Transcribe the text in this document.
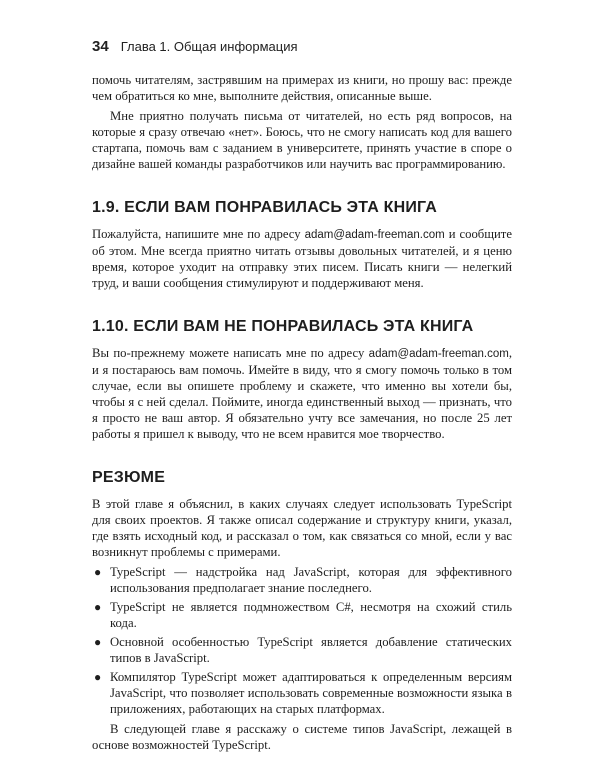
34 Глава 1. Общая информация

помочь читателям, застрявшим на примерах из книги, но прошу вас: прежде чем обратиться ко мне, выполните действия, описанные выше.

Мне приятно получать письма от читателей, но есть ряд вопросов, на которые я сразу отвечаю «нет». Боюсь, что не смогу написать код для вашего стартапа, помочь вам с заданием в университете, принять участие в споре о дизайне вашей команды разработчиков или научить вас программированию.

1.9. ЕСЛИ ВАМ ПОНРАВИЛАСЬ ЭТА КНИГА

Пожалуйста, напишите мне по адресу adam@adam-freeman.com и сообщите об этом. Мне всегда приятно читать отзывы довольных читателей, и я ценю время, которое уходит на отправку этих писем. Писать книги — нелегкий труд, и ваши сообщения стимулируют и поддерживают меня.

1.10. ЕСЛИ ВАМ НЕ ПОНРАВИЛАСЬ ЭТА КНИГА

Вы по-прежнему можете написать мне по адресу adam@adam-freeman.com, и я постараюсь вам помочь. Имейте в виду, что я смогу помочь только в том случае, если вы опишете проблему и скажете, что именно вы хотели бы, чтобы я с ней сделал. Поймите, иногда единственный выход — признать, что я просто не ваш автор. Я обязательно учту все замечания, но после 25 лет работы я пришел к выводу, что не всем нравится мое творчество.

РЕЗЮМЕ

В этой главе я объяснил, в каких случаях следует использовать TypeScript для своих проектов. Я также описал содержание и структуру книги, указал, где взять исходный код, и рассказал о том, как связаться со мной, если у вас возникнут проблемы с примерами.

● TypeScript — надстройка над JavaScript, которая для эффективного использования предполагает знание последнего.
● TypeScript не является подмножеством C#, несмотря на схожий стиль кода.
● Основной особенностью TypeScript является добавление статических типов в JavaScript.
● Компилятор TypeScript может адаптироваться к определенным версиям JavaScript, что позволяет использовать современные возможности языка в приложениях, работающих на старых платформах.

В следующей главе я расскажу о системе типов JavaScript, лежащей в основе возможностей TypeScript.
